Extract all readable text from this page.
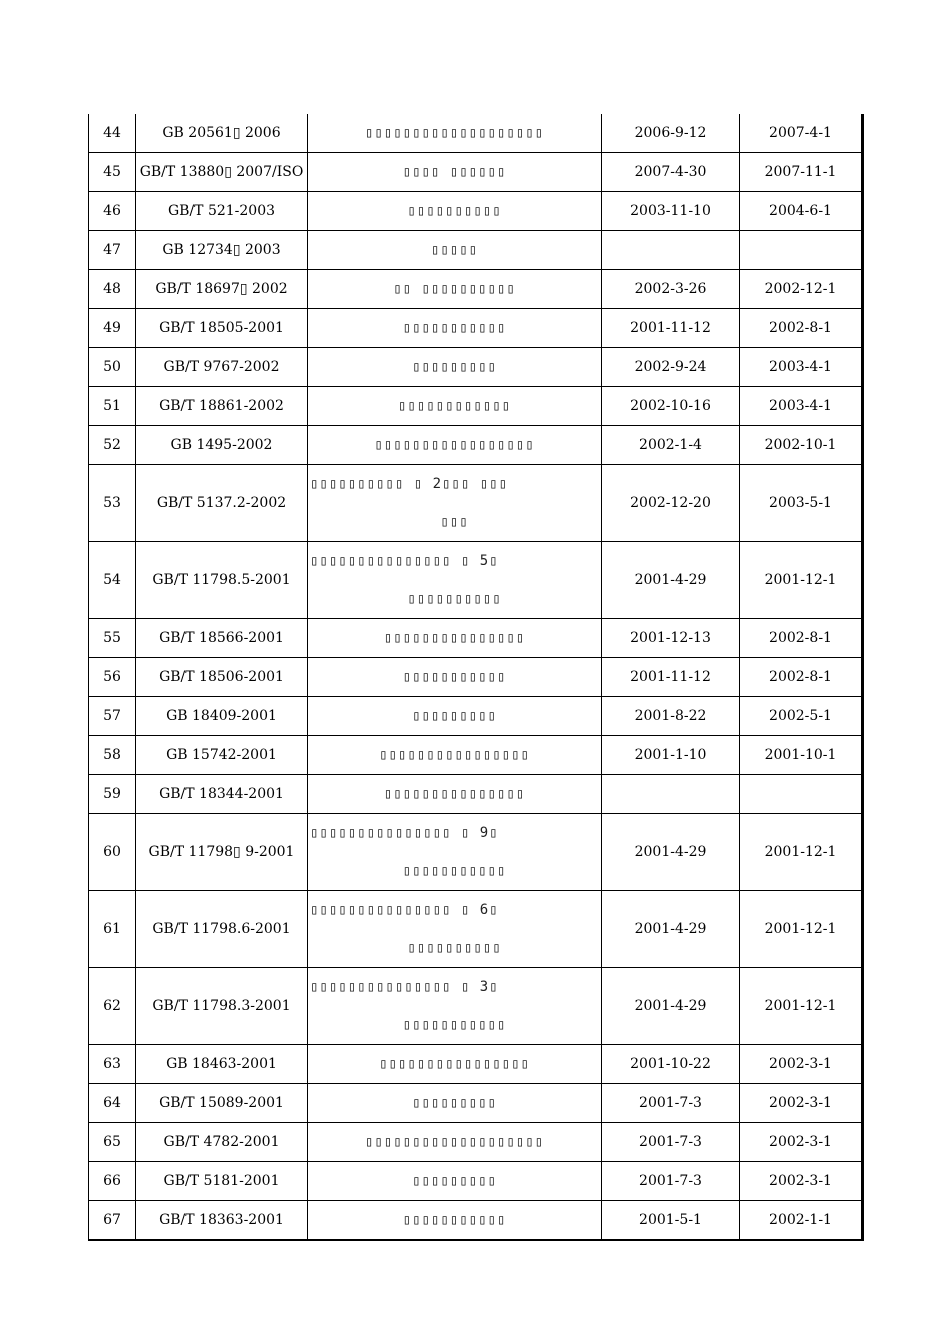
44	GB 20561▯ 2006	▯▯▯▯▯▯▯▯▯▯▯▯▯▯▯▯▯▯▯	2006-9-12	2007-4-1
45	GB/T 13880▯ 2007/ISO	▯▯▯▯ ▯▯▯▯▯▯	2007-4-30	2007-11-1
46	GB/T 521-2003	▯▯▯▯▯▯▯▯▯▯	2003-11-10	2004-6-1
47	GB 12734▯ 2003	▯▯▯▯▯		

48	GB/T 18697▯ 2002	▯▯ ▯▯▯▯▯▯▯▯▯▯	2002-3-26	2002-12-1
49	GB/T 18505-2001	▯▯▯▯▯▯▯▯▯▯▯	2001-11-12	2002-8-1
50	GB/T 9767-2002	▯▯▯▯▯▯▯▯▯	2002-9-24	2003-4-1
51	GB/T 18861-2002	▯▯▯▯▯▯▯▯▯▯▯▯	2002-10-16	2003-4-1
52	GB 1495-2002	▯▯▯▯▯▯▯▯▯▯▯▯▯▯▯▯▯	2002-1-4	2002-10-1
53	GB/T 5137.2-2002	▯▯▯▯▯▯▯▯▯▯ ▯ 2▯▯▯ ▯▯▯
▯▯▯	2002-12-20	2003-5-1
54	GB/T 11798.5-2001	▯▯▯▯▯▯▯▯▯▯▯▯▯▯▯ ▯ 5▯
▯▯▯▯▯▯▯▯▯▯	2001-4-29	2001-12-1
55	GB/T 18566-2001	▯▯▯▯▯▯▯▯▯▯▯▯▯▯▯	2001-12-13	2002-8-1
56	GB/T 18506-2001	▯▯▯▯▯▯▯▯▯▯▯	2001-11-12	2002-8-1
57	GB 18409-2001	▯▯▯▯▯▯▯▯▯	2001-8-22	2002-5-1
58	GB 15742-2001	▯▯▯▯▯▯▯▯▯▯▯▯▯▯▯▯	2001-1-10	2001-10-1
59	GB/T 18344-2001	▯▯▯▯▯▯▯▯▯▯▯▯▯▯▯		

60	GB/T 11798▯ 9-2001	▯▯▯▯▯▯▯▯▯▯▯▯▯▯▯ ▯ 9▯
▯▯▯▯▯▯▯▯▯▯▯	2001-4-29	2001-12-1
61	GB/T 11798.6-2001	▯▯▯▯▯▯▯▯▯▯▯▯▯▯▯ ▯ 6▯
▯▯▯▯▯▯▯▯▯▯	2001-4-29	2001-12-1
62	GB/T 11798.3-2001	▯▯▯▯▯▯▯▯▯▯▯▯▯▯▯ ▯ 3▯
▯▯▯▯▯▯▯▯▯▯▯	2001-4-29	2001-12-1
63	GB 18463-2001	▯▯▯▯▯▯▯▯▯▯▯▯▯▯▯▯	2001-10-22	2002-3-1
64	GB/T 15089-2001	▯▯▯▯▯▯▯▯▯	2001-7-3	2002-3-1
65	GB/T 4782-2001	▯▯▯▯▯▯▯▯▯▯▯▯▯▯▯▯▯▯▯	2001-7-3	2002-3-1
66	GB/T 5181-2001	▯▯▯▯▯▯▯▯▯	2001-7-3	2002-3-1
67	GB/T 18363-2001	▯▯▯▯▯▯▯▯▯▯▯	2001-5-1	2002-1-1
